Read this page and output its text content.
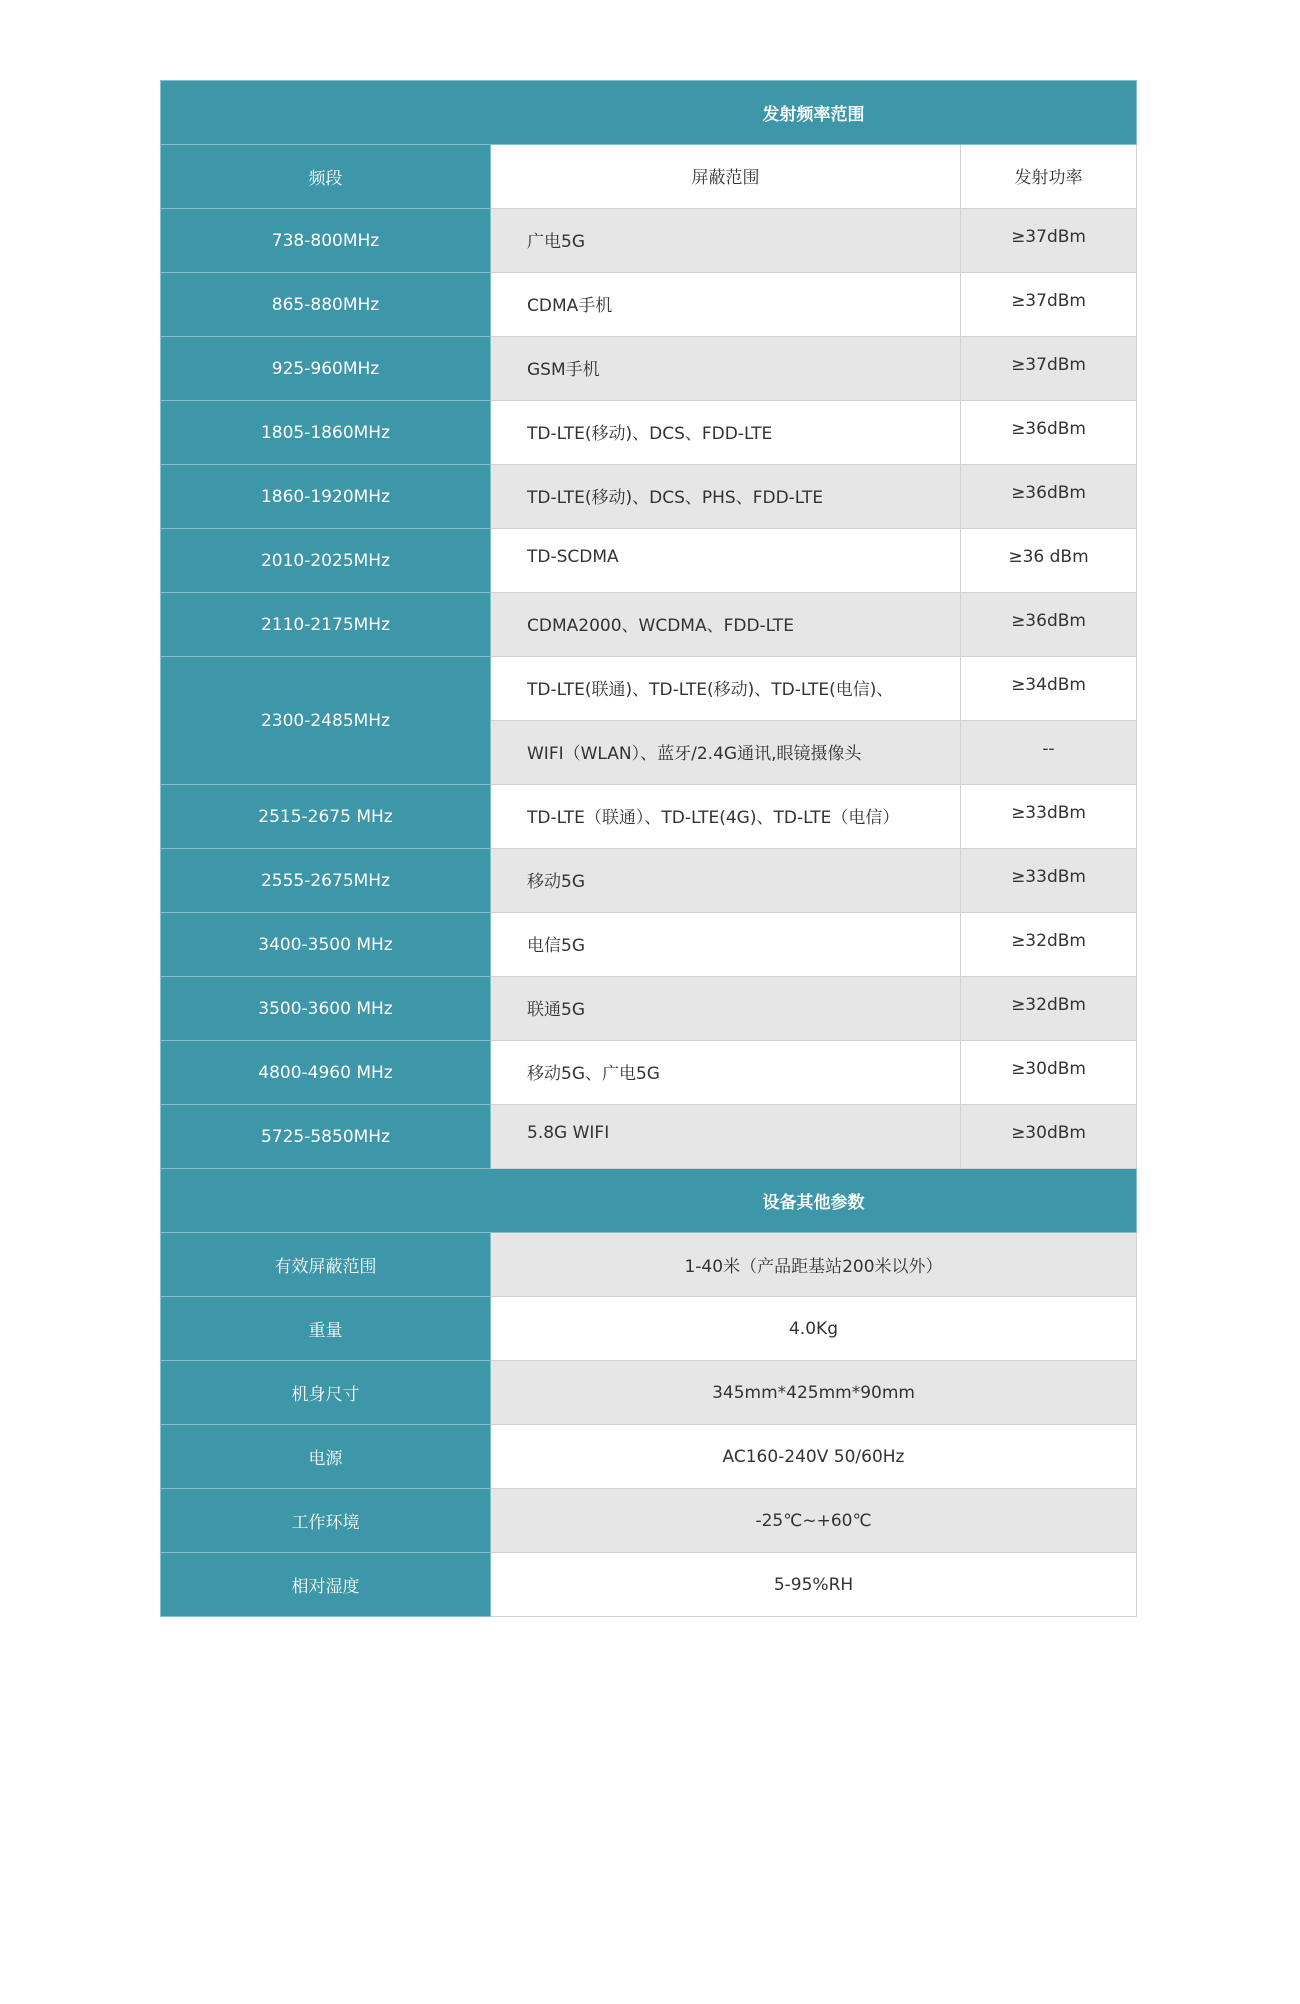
发射频率范围		
频段	屏蔽范围	发射功率
738-800MHz	广电5G	≥37dBm
865-880MHz	CDMA手机	≥37dBm
925-960MHz	GSM手机	≥37dBm
1805-1860MHz	TD-LTE(移动)、DCS、FDD-LTE	≥36dBm
1860-1920MHz	TD-LTE(移动)、DCS、PHS、FDD-LTE	≥36dBm
2010-2025MHz	TD-SCDMA	≥36 dBm
2110-2175MHz	CDMA2000、WCDMA、FDD-LTE	≥36dBm
2300-2485MHz	TD-LTE(联通)、TD-LTE(移动)、TD-LTE(电信)、	≥34dBm
	WIFI（WLAN）、蓝牙/2.4G通讯,眼镜摄像头	--
2515-2675 MHz	TD-LTE（联通）、TD-LTE(4G)、TD-LTE（电信）	≥33dBm
2555-2675MHz	移动5G	≥33dBm
3400-3500 MHz	电信5G	≥32dBm
3500-3600 MHz	联通5G	≥32dBm
4800-4960 MHz	移动5G、广电5G	≥30dBm
5725-5850MHz	5.8G WIFI	≥30dBm
设备其他参数		
有效屏蔽范围	1-40米（产品距基站200米以外）	
重量	4.0Kg	
机身尺寸	345mm*425mm*90mm	
电源	AC160-240V 50/60Hz	
工作环境	-25℃~+60℃	
相对湿度	5-95%RH	
